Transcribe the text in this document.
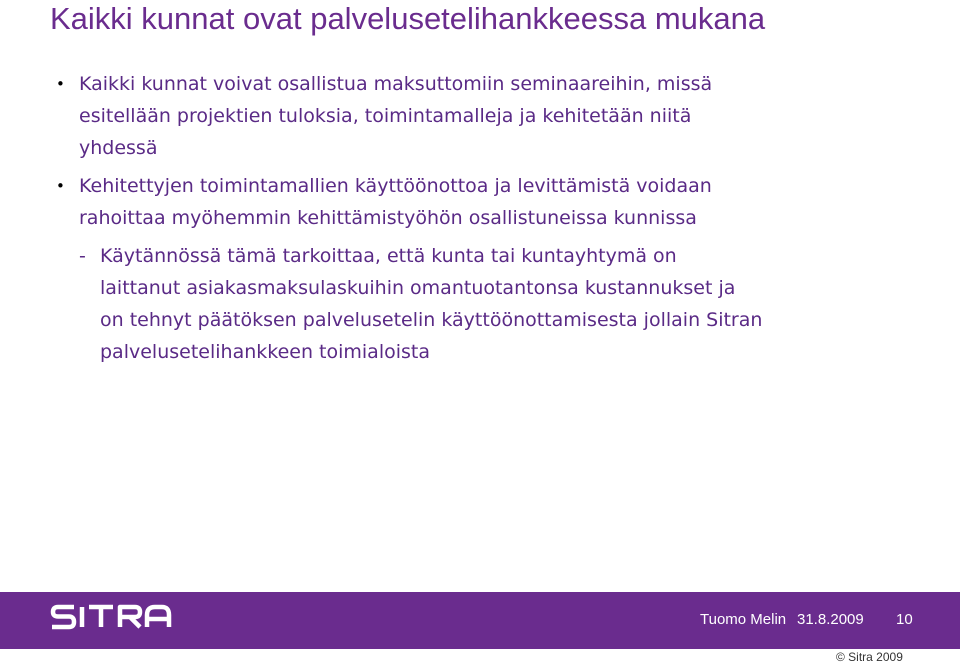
Kaikki kunnat ovat palvelusetelihankkeessa mukana
• Kaikki kunnat voivat osallistua maksuttomiin seminaareihin, missä
esitellään projektien tuloksia, toimintamalleja ja kehitetään niitä
yhdessä
• Kehitettyjen toimintamallien käyttöönottoa ja levittämistä voidaan
rahoittaa myöhemmin kehittämistyöhön osallistuneissa kunnissa
- Käytännössä tämä tarkoittaa, että kunta tai kuntayhtymä on
laittanut asiakasmaksulaskuihin omantuotantonsa kustannukset ja
on tehnyt päätöksen palvelusetelin käyttöönottamisesta jollain Sitran
palvelusetelihankkeen toimialoista
Tuomo Melin 31.8.2009 10
© Sitra 2009
